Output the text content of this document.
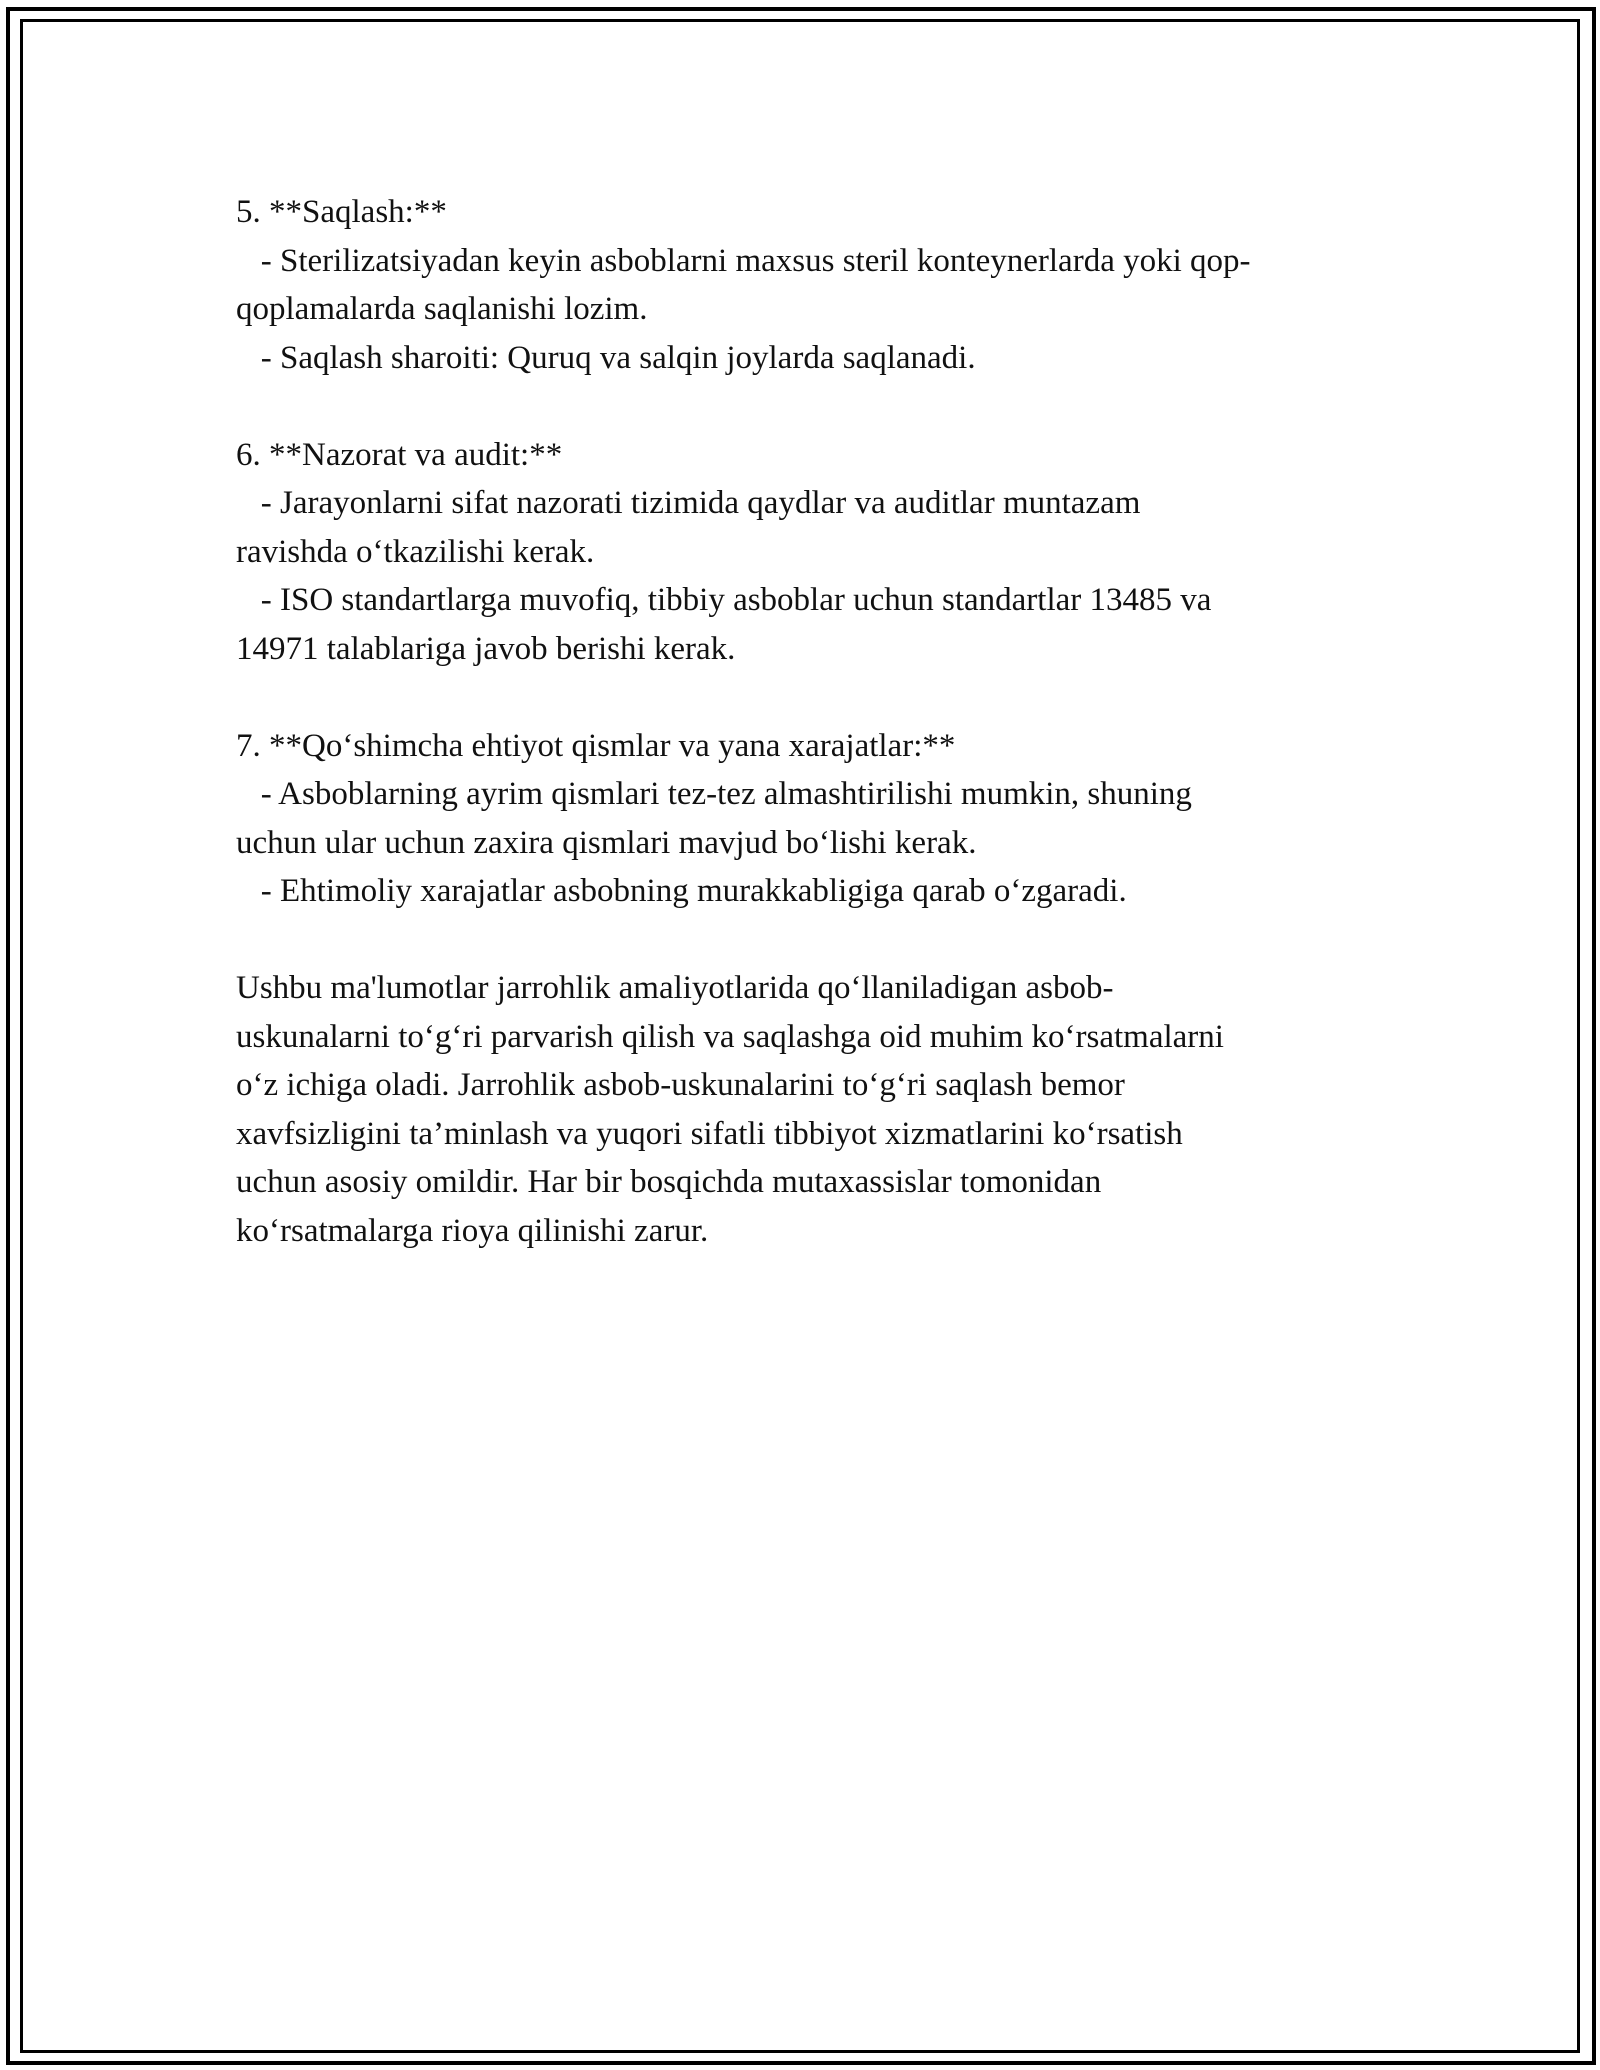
5. **Saqlash:**

- Sterilizatsiyadan keyin asboblarni maxsus steril konteynerlarda yoki qop-

qoplamalarda saqlanishi lozim.

- Saqlash sharoiti: Quruq va salqin joylarda saqlanadi.

6. **Nazorat va audit:**

- Jarayonlarni sifat nazorati tizimida qaydlar va auditlar muntazam

ravishda o‘tkazilishi kerak.

- ISO standartlarga muvofiq, tibbiy asboblar uchun standartlar 13485 va

14971 talablariga javob berishi kerak.

7. **Qo‘shimcha ehtiyot qismlar va yana xarajatlar:**

- Asboblarning ayrim qismlari tez-tez almashtirilishi mumkin, shuning

uchun ular uchun zaxira qismlari mavjud bo‘lishi kerak.

- Ehtimoliy xarajatlar asbobning murakkabligiga qarab o‘zgaradi.

Ushbu ma'lumotlar jarrohlik amaliyotlarida qo‘llaniladigan asbob-

uskunalarni to‘g‘ri parvarish qilish va saqlashga oid muhim ko‘rsatmalarni

o‘z ichiga oladi. Jarrohlik asbob-uskunalarini to‘g‘ri saqlash bemor

xavfsizligini ta’minlash va yuqori sifatli tibbiyot xizmatlarini ko‘rsatish

uchun asosiy omildir. Har bir bosqichda mutaxassislar tomonidan

ko‘rsatmalarga rioya qilinishi zarur.
